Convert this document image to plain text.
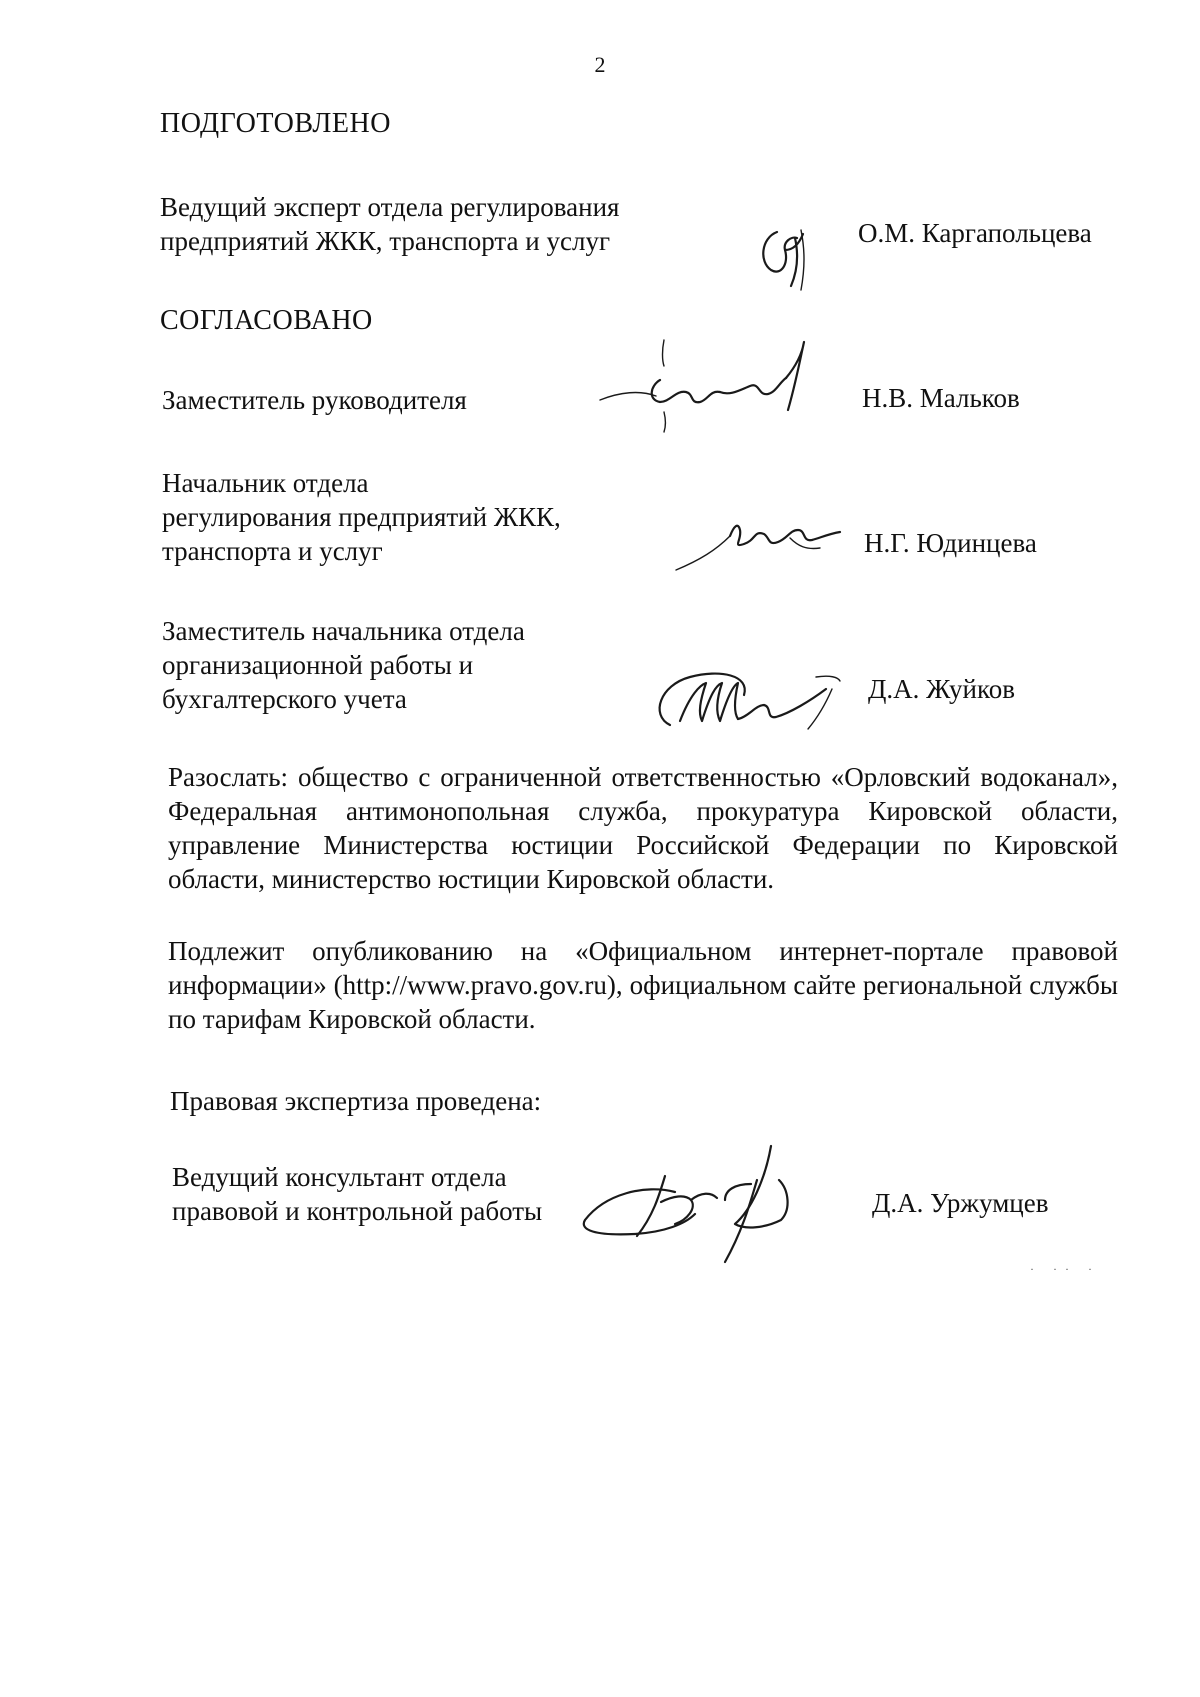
2
ПОДГОТОВЛЕНО
Ведущий эксперт отдела регулирования
предприятий ЖКК, транспорта и услуг	О.М. Каргапольцева
СОГЛАСОВАНО
Заместитель руководителя	Н.В. Мальков
Начальник отдела
регулирования предприятий ЖКК,
транспорта и услуг	Н.Г. Юдинцева
Заместитель начальника отдела
организационной работы и
бухгалтерского учета	Д.А. Жуйков

Разослать: общество с ограниченной ответственностью «Орловский водоканал», Федеральная антимонопольная служба, прокуратура Кировской области, управление Министерства юстиции Российской Федерации по Кировской области, министерство юстиции Кировской области.

Подлежит опубликованию на «Официальном интернет-портале правовой информации» (http://www.pravo.gov.ru), официальном сайте региональной службы по тарифам Кировской области.

Правовая экспертиза проведена:
Ведущий консультант отдела
правовой и контрольной работы	Д.А. Уржумцев
· ·· ·
